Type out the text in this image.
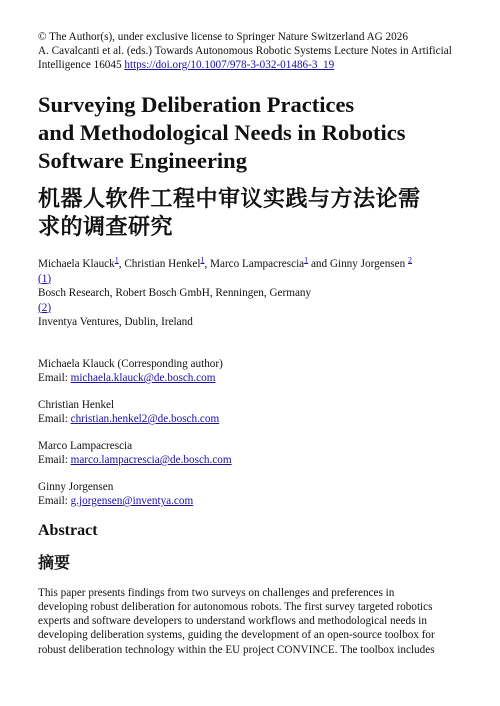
© The Author(s), under exclusive license to Springer Nature Switzerland AG 2026
A. Cavalcanti et al. (eds.) Towards Autonomous Robotic Systems Lecture Notes in Artificial Intelligence 16045 https://doi.org/10.1007/978-3-032-01486-3_19
Surveying Deliberation Practices
and Methodological Needs in Robotics
Software Engineering
机器人软件工程中审议实践与方法论需
求的调查研究
Michaela Klauck$^1$, Christian Henkel$^1$, Marco Lampacrescia$^1$ and Ginny Jorgensen $^2$
(1)
Bosch Research, Robert Bosch GmbH, Renningen, Germany
(2)
Inventya Ventures, Dublin, Ireland
Michaela Klauck (Corresponding author)
Email: michaela.klauck@de.bosch.com
Christian Henkel
Email: christian.henkel2@de.bosch.com
Marco Lampacrescia
Email: marco.lampacrescia@de.bosch.com
Ginny Jorgensen
Email: g.jorgensen@inventya.com
Abstract
摘要
This paper presents findings from two surveys on challenges and preferences in
developing robust deliberation for autonomous robots. The first survey targeted robotics
experts and software developers to understand workflows and methodological needs in
developing deliberation systems, guiding the development of an open-source toolbox for
robust deliberation technology within the EU project CONVINCE. The toolbox includes
